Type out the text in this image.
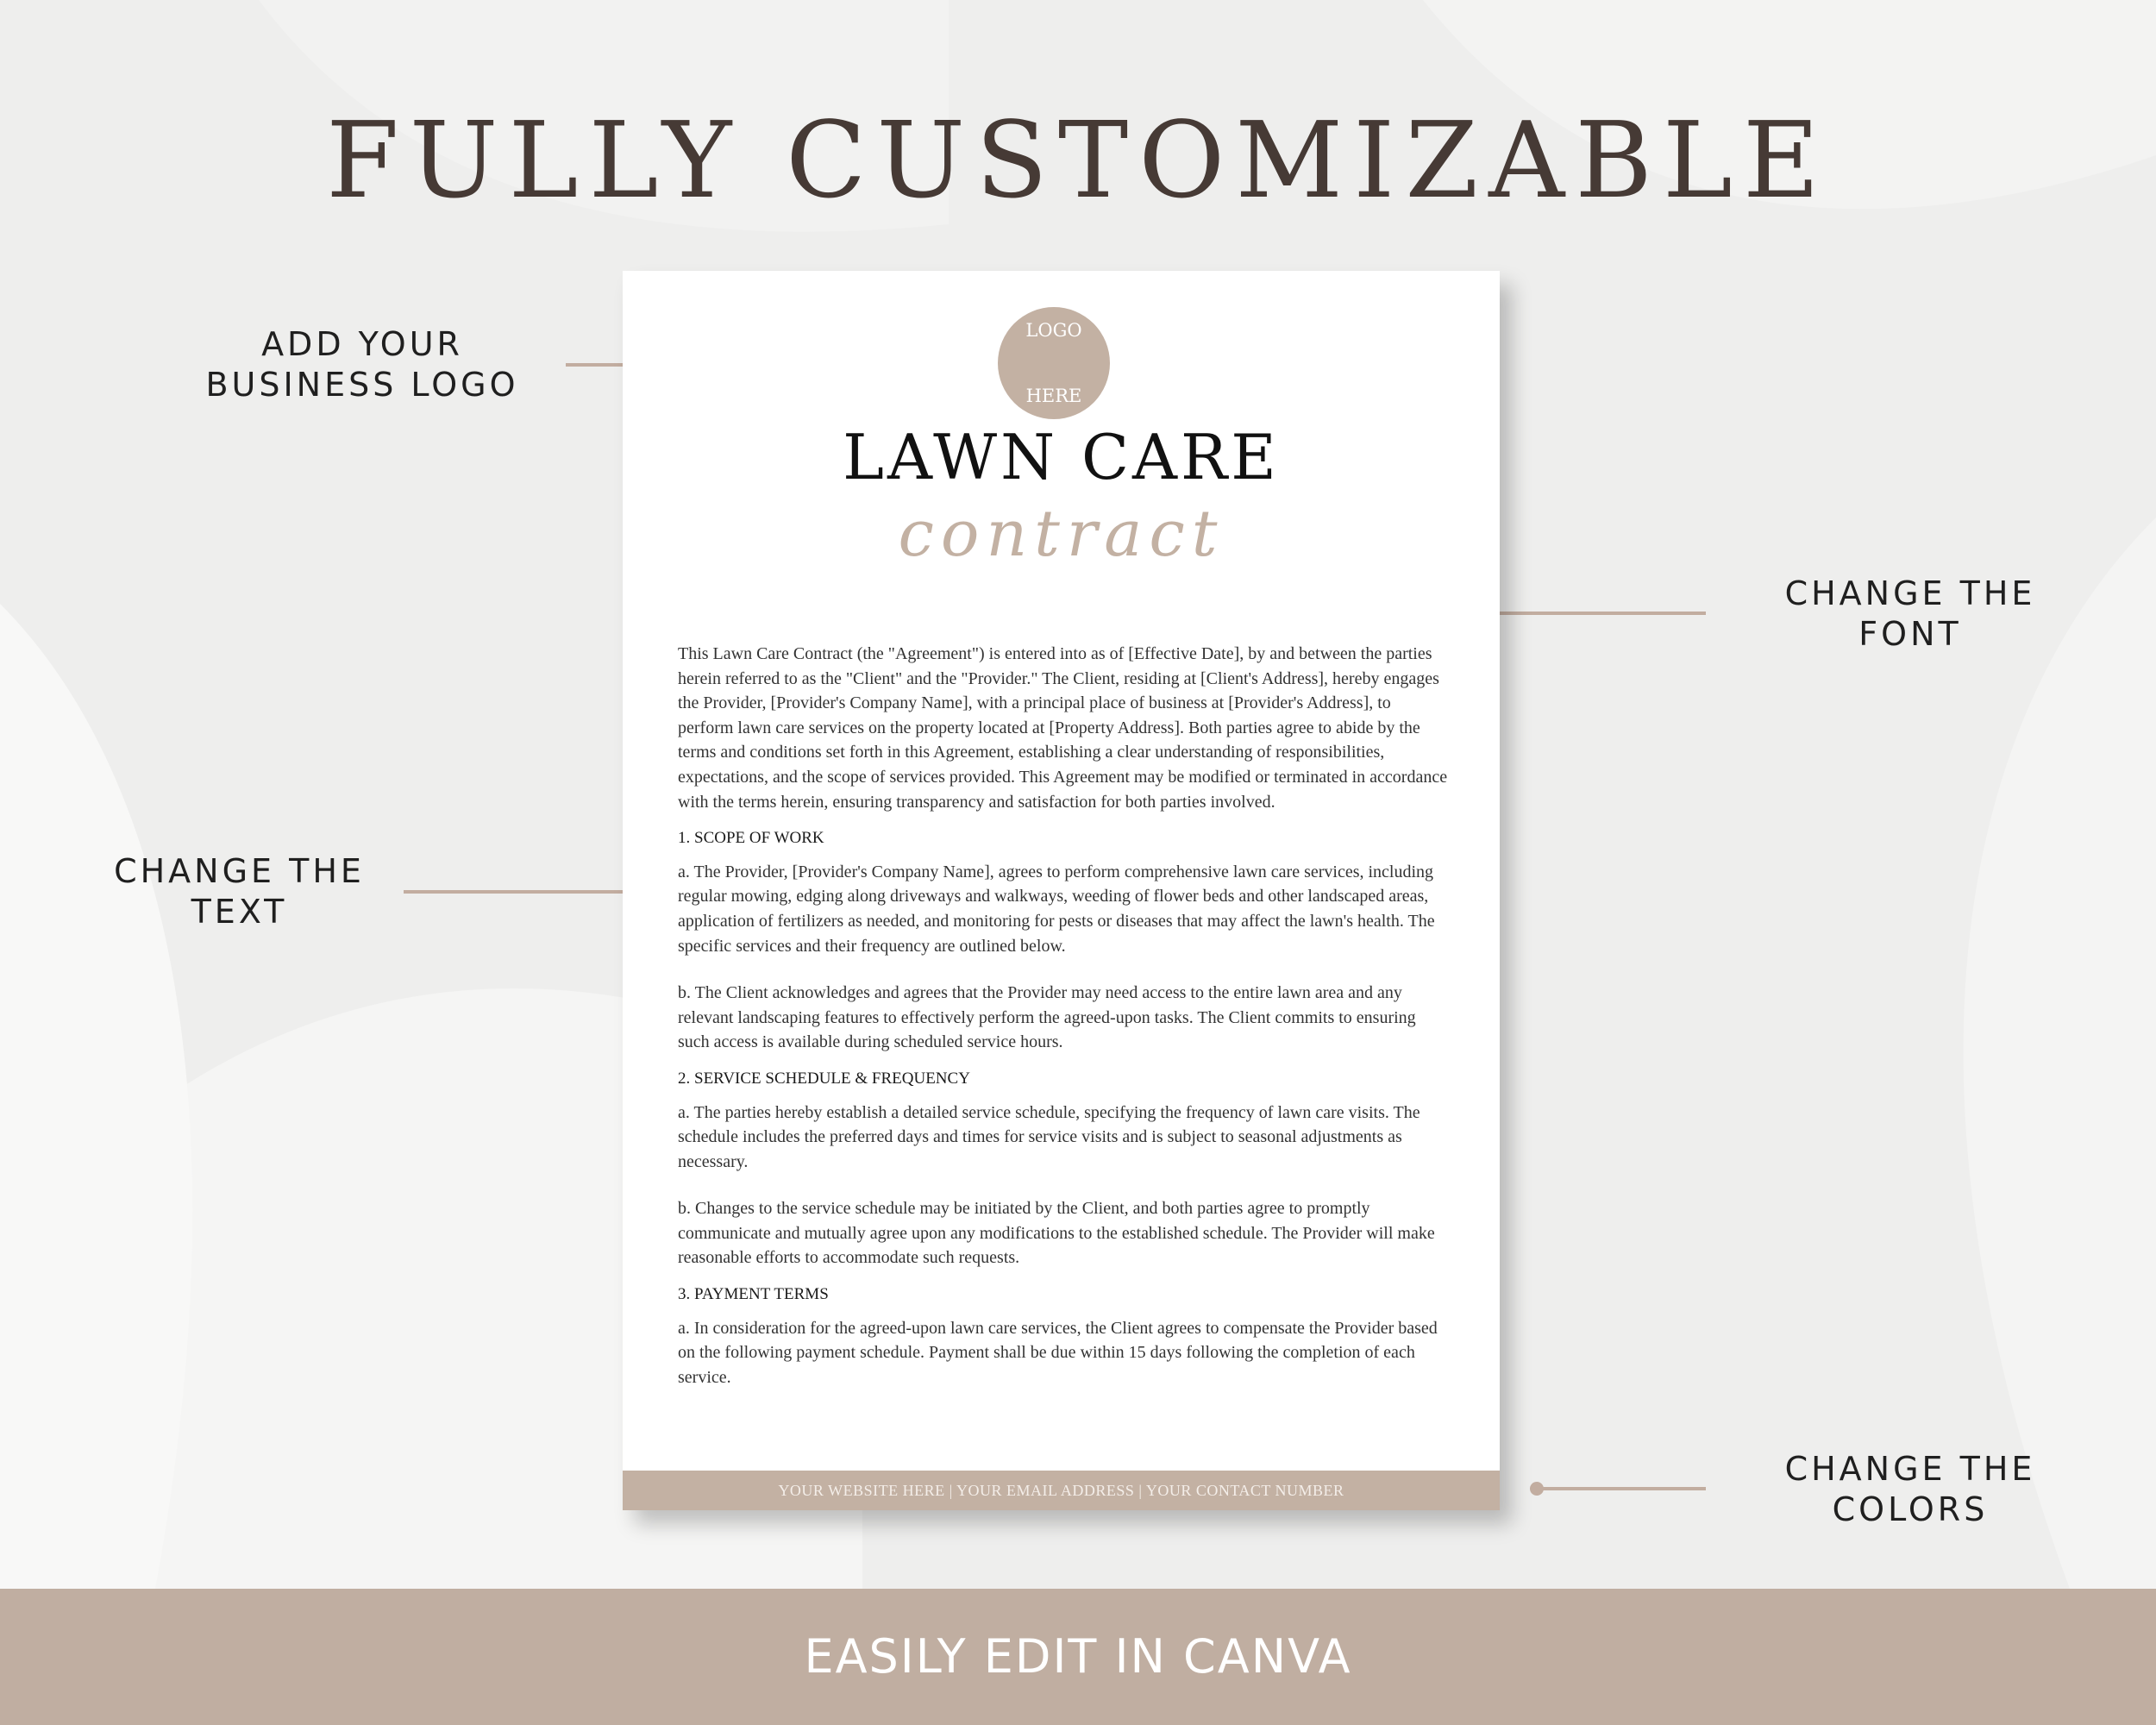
FULLY CUSTOMIZABLE
ADD YOUR
BUSINESS LOGO
CHANGE THE
FONT
CHANGE THE
TEXT
CHANGE THE
COLORS
LOGO

HERE
LAWN CARE
contract

This Lawn Care Contract (the "Agreement") is entered into as of [Effective Date], by and between the parties herein referred to as the "Client" and the "Provider." The Client, residing at [Client's Address], hereby engages the Provider, [Provider's Company Name], with a principal place of business at [Provider's Address], to perform lawn care services on the property located at [Property Address]. Both parties agree to abide by the terms and conditions set forth in this Agreement, establishing a clear understanding of responsibilities, expectations, and the scope of services provided. This Agreement may be modified or terminated in accordance with the terms herein, ensuring transparency and satisfaction for both parties involved.

1. SCOPE OF WORK

a. The Provider, [Provider's Company Name], agrees to perform comprehensive lawn care services, including regular mowing, edging along driveways and walkways, weeding of flower beds and other landscaped areas, application of fertilizers as needed, and monitoring for pests or diseases that may affect the lawn's health. The specific services and their frequency are outlined below.

b. The Client acknowledges and agrees that the Provider may need access to the entire lawn area and any relevant landscaping features to effectively perform the agreed-upon tasks. The Client commits to ensuring such access is available during scheduled service hours.

2. SERVICE SCHEDULE & FREQUENCY

a. The parties hereby establish a detailed service schedule, specifying the frequency of lawn care visits. The schedule includes the preferred days and times for service visits and is subject to seasonal adjustments as necessary.

b. Changes to the service schedule may be initiated by the Client, and both parties agree to promptly communicate and mutually agree upon any modifications to the established schedule. The Provider will make reasonable efforts to accommodate such requests.

3. PAYMENT TERMS

a. In consideration for the agreed-upon lawn care services, the Client agrees to compensate the Provider based on the following payment schedule. Payment shall be due within 15 days following the completion of each service.

YOUR WEBSITE HERE | YOUR EMAIL ADDRESS | YOUR CONTACT NUMBER
EASILY EDIT IN CANVA
